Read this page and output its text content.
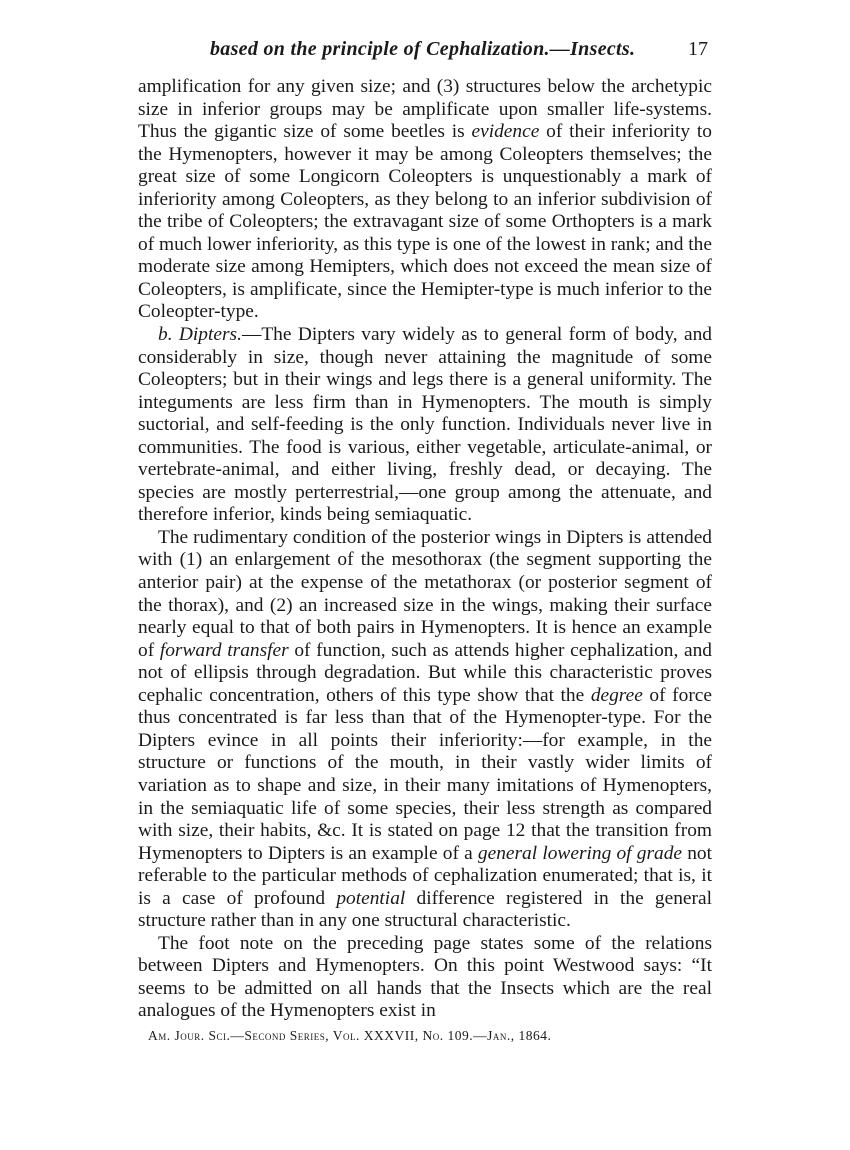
based on the principle of Cephalization.—Insects.	17

amplification for any given size; and (3) structures below the archetypic size in inferior groups may be amplificate upon smaller life-systems. Thus the gigantic size of some beetles is evidence of their inferiority to the Hymenopters, however it may be among Coleopters themselves; the great size of some Longicorn Coleopters is unquestionably a mark of inferiority among Coleopters, as they belong to an inferior subdivision of the tribe of Coleopters; the extravagant size of some Orthopters is a mark of much lower inferiority, as this type is one of the lowest in rank; and the moderate size among Hemipters, which does not exceed the mean size of Coleopters, is amplificate, since the Hemipter-type is much inferior to the Coleopter-type.

b. Dipters.—The Dipters vary widely as to general form of body, and considerably in size, though never attaining the magnitude of some Coleopters; but in their wings and legs there is a general uniformity. The integuments are less firm than in Hymenopters. The mouth is simply suctorial, and self-feeding is the only function. Individuals never live in communities. The food is various, either vegetable, articulate-animal, or vertebrate-animal, and either living, freshly dead, or decaying. The species are mostly perterrestrial,—one group among the attenuate, and therefore inferior, kinds being semiaquatic.

The rudimentary condition of the posterior wings in Dipters is attended with (1) an enlargement of the mesothorax (the segment supporting the anterior pair) at the expense of the metathorax (or posterior segment of the thorax), and (2) an increased size in the wings, making their surface nearly equal to that of both pairs in Hymenopters. It is hence an example of forward transfer of function, such as attends higher cephalization, and not of ellipsis through degradation. But while this characteristic proves cephalic concentration, others of this type show that the degree of force thus concentrated is far less than that of the Hymenopter-type. For the Dipters evince in all points their inferiority:—for example, in the structure or functions of the mouth, in their vastly wider limits of variation as to shape and size, in their many imitations of Hymenopters, in the semiaquatic life of some species, their less strength as compared with size, their habits, &c. It is stated on page 12 that the transition from Hymenopters to Dipters is an example of a general lowering of grade not referable to the particular methods of cephalization enumerated; that is, it is a case of profound potential difference registered in the general structure rather than in any one structural characteristic.

The foot note on the preceding page states some of the relations between Dipters and Hymenopters. On this point Westwood says: “It seems to be admitted on all hands that the Insects which are the real analogues of the Hymenopters exist in

Am. Jour. Sci.—Second Series, Vol. XXXVII, No. 109.—Jan., 1864.
